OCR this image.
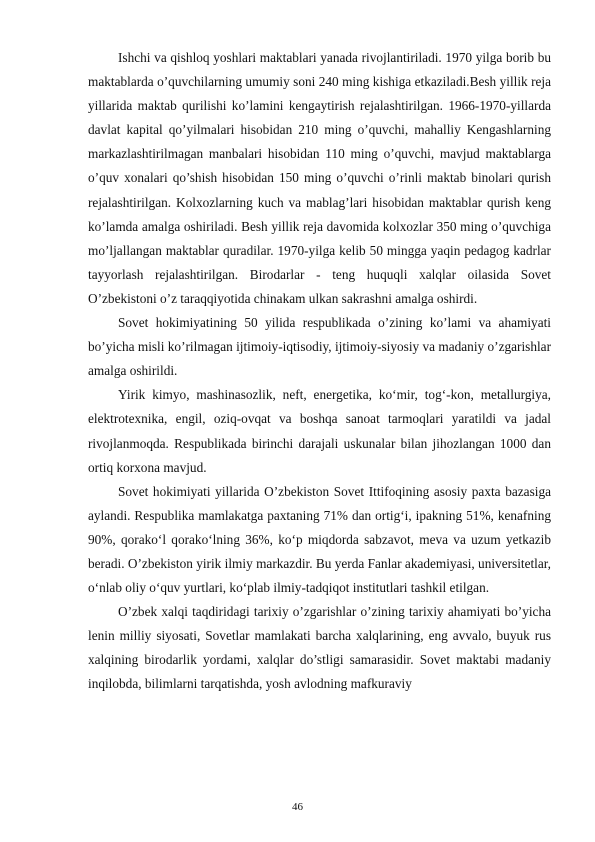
Ishchi va qishloq yoshlari maktablari yanada rivojlantiriladi. 1970 yilga borib bu maktablarda o’quvchilarning umumiy soni 240 ming kishiga etkaziladi.Besh yillik reja yillarida maktab qurilishi ko’lamini kengaytirish rejalashtirilgan. 1966-1970-yillarda davlat kapital qo’yilmalari hisobidan 210 ming o’quvchi, mahalliy Kengashlarning markazlashtirilmagan manbalari hisobidan 110 ming o’quvchi, mavjud maktablarga o’quv xonalari qo’shish hisobidan 150 ming o’quvchi o’rinli maktab binolari qurish rejalashtirilgan. Kolxozlarning kuch va mablag’lari hisobidan maktablar qurish keng ko’lamda amalga oshiriladi. Besh yillik reja davomida kolxozlar 350 ming o’quvchiga mo’ljallangan maktablar quradilar. 1970-yilga kelib 50 mingga yaqin pedagog kadrlar tayyorlash rejalashtirilgan. Birodarlar - teng huquqli xalqlar oilasida Sovet O’zbekistoni o’z taraqqiyotida chinakam ulkan sakrashni amalga oshirdi.

Sovet hokimiyatining 50 yilida respublikada o’zining ko’lami va ahamiyati bo’yicha misli ko’rilmagan ijtimoiy-iqtisodiy, ijtimoiy-siyosiy va madaniy o’zgarishlar amalga oshirildi.

Yirik kimyo, mashinasozlik, neft, energetika, ko‘mir, tog‘-kon, metallurgiya, elektrotexnika, engil, oziq-ovqat va boshqa sanoat tarmoqlari yaratildi va jadal rivojlanmoqda. Respublikada birinchi darajali uskunalar bilan jihozlangan 1000 dan ortiq korxona mavjud.

Sovet hokimiyati yillarida O’zbekiston Sovet Ittifoqining asosiy paxta bazasiga aylandi. Respublika mamlakatga paxtaning 71% dan ortig‘i, ipakning 51%, kenafning 90%, qorako‘l qorako‘lning 36%, ko‘p miqdorda sabzavot, meva va uzum yetkazib beradi. O’zbekiston yirik ilmiy markazdir. Bu yerda Fanlar akademiyasi, universitetlar, o‘nlab oliy o‘quv yurtlari, ko‘plab ilmiy-tadqiqot institutlari tashkil etilgan.

O’zbek xalqi taqdiridagi tarixiy o’zgarishlar o’zining tarixiy ahamiyati bo’yicha lenin milliy siyosati, Sovetlar mamlakati barcha xalqlarining, eng avvalo, buyuk rus xalqining birodarlik yordami, xalqlar do’stligi samarasidir. Sovet maktabi madaniy inqilobda, bilimlarni tarqatishda, yosh avlodning mafkuraviy

46
